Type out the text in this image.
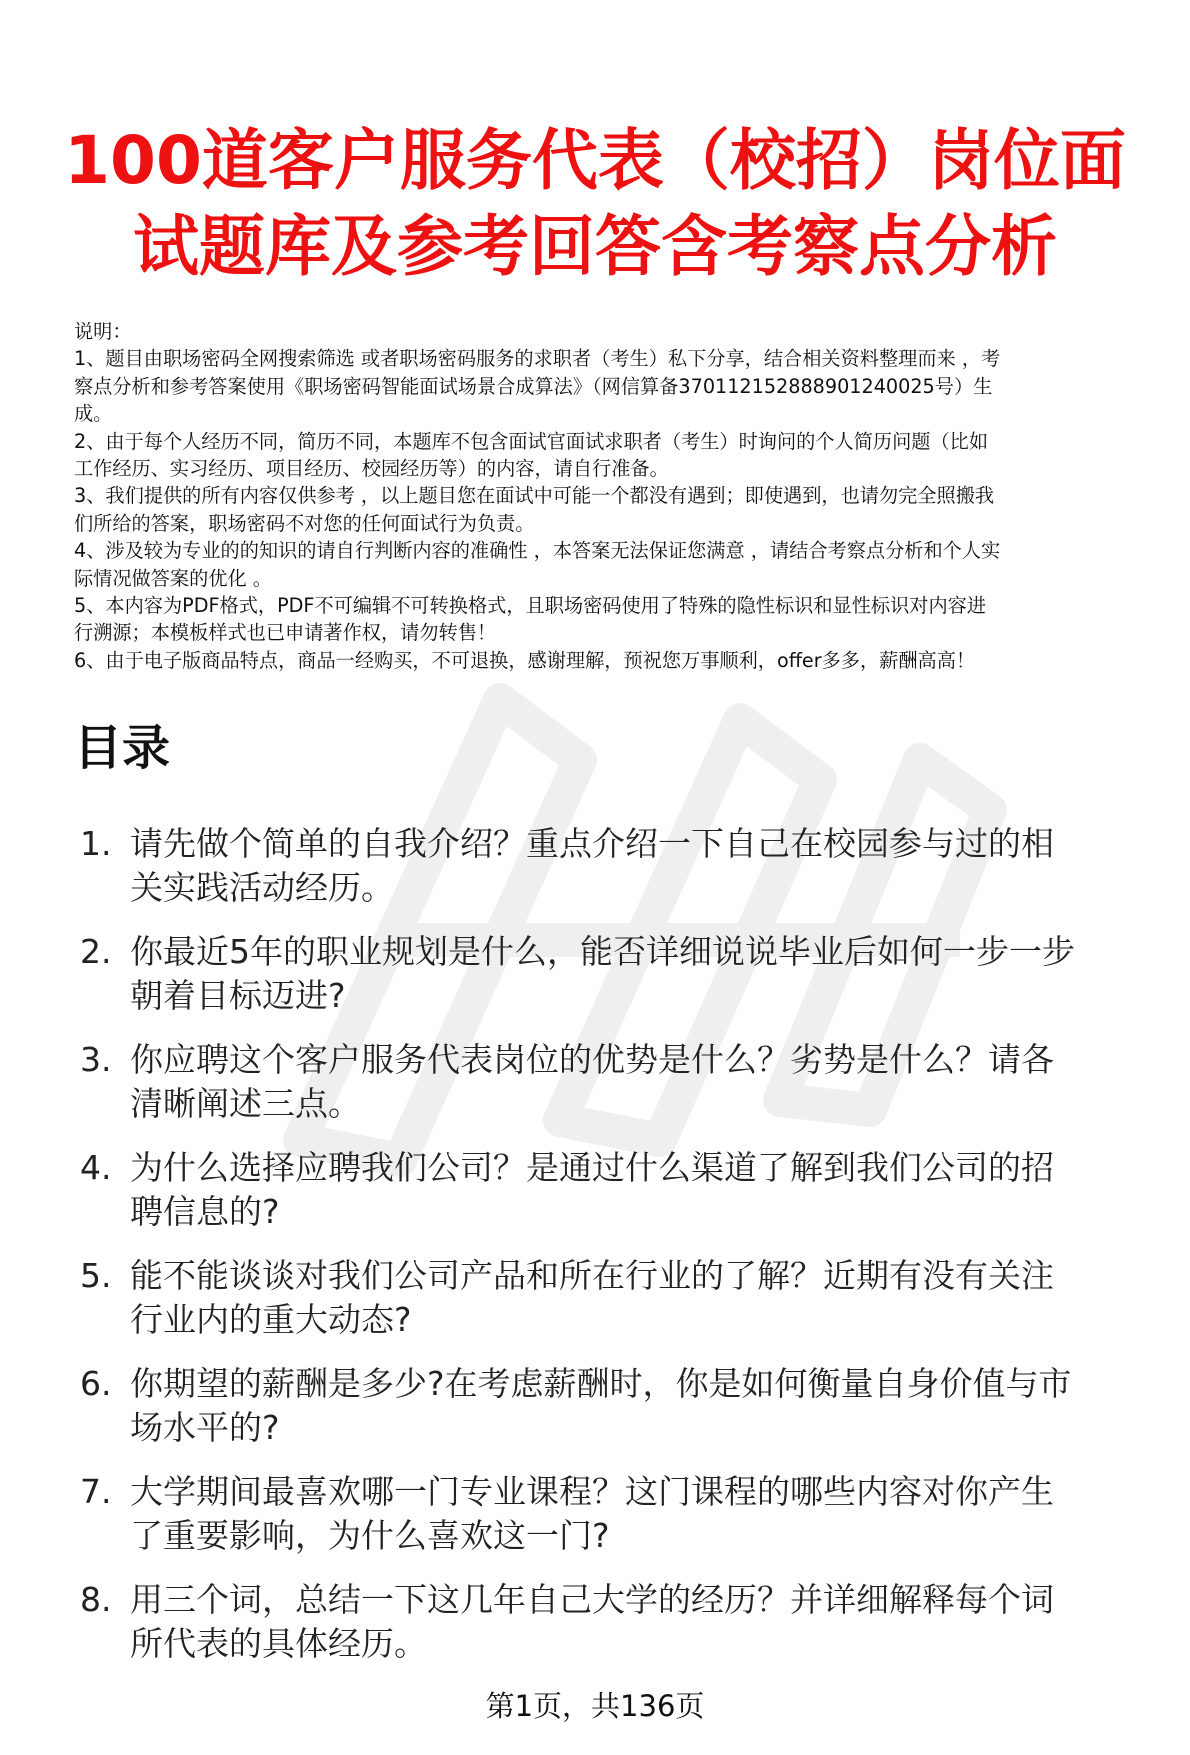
100道客户服务代表（校招）岗位面
试题库及参考回答含考察点分析

说明：

1、题目由职场密码全网搜索筛选 或者职场密码服务的求职者（考生）私下分享，结合相关资料整理而来 ，考

察点分析和参考答案使用《职场密码智能面试场景合成算法》（网信算备370112152888901240025号）生

成。

2、由于每个人经历不同，简历不同，本题库不包含面试官面试求职者（考生）时询问的个人简历问题（比如

工作经历、实习经历、项目经历、校园经历等）的内容，请自行准备。

3、我们提供的所有内容仅供参考 ，以上题目您在面试中可能一个都没有遇到；即使遇到，也请勿完全照搬我

们所给的答案，职场密码不对您的任何面试行为负责。

4、涉及较为专业的的知识的请自行判断内容的准确性 ，本答案无法保证您满意 ，请结合考察点分析和个人实

际情况做答案的优化 。

5、本内容为PDF格式，PDF不可编辑不可转换格式，且职场密码使用了特殊的隐性标识和显性标识对内容进

行溯源；本模板样式也已申请著作权，请勿转售！

6、由于电子版商品特点，商品一经购买，不可退换，感谢理解，预祝您万事顺利，offer多多，薪酬高高！

目录
1. 请先做个简单的自我介绍？重点介绍一下自己在校园参与过的相
关实践活动经历。
2. 你最近5年的职业规划是什么，能否详细说说毕业后如何一步一步
朝着目标迈进?
3. 你应聘这个客户服务代表岗位的优势是什么？劣势是什么？请各
清晰阐述三点。
4. 为什么选择应聘我们公司？是通过什么渠道了解到我们公司的招
聘信息的?
5. 能不能谈谈对我们公司产品和所在行业的了解？近期有没有关注
行业内的重大动态?
6. 你期望的薪酬是多少?在考虑薪酬时，你是如何衡量自身价值与市
场水平的?
7. 大学期间最喜欢哪一门专业课程？这门课程的哪些内容对你产生
了重要影响，为什么喜欢这一门?
8. 用三个词，总结一下这几年自己大学的经历？并详细解释每个词
所代表的具体经历。
第1页，共136页
